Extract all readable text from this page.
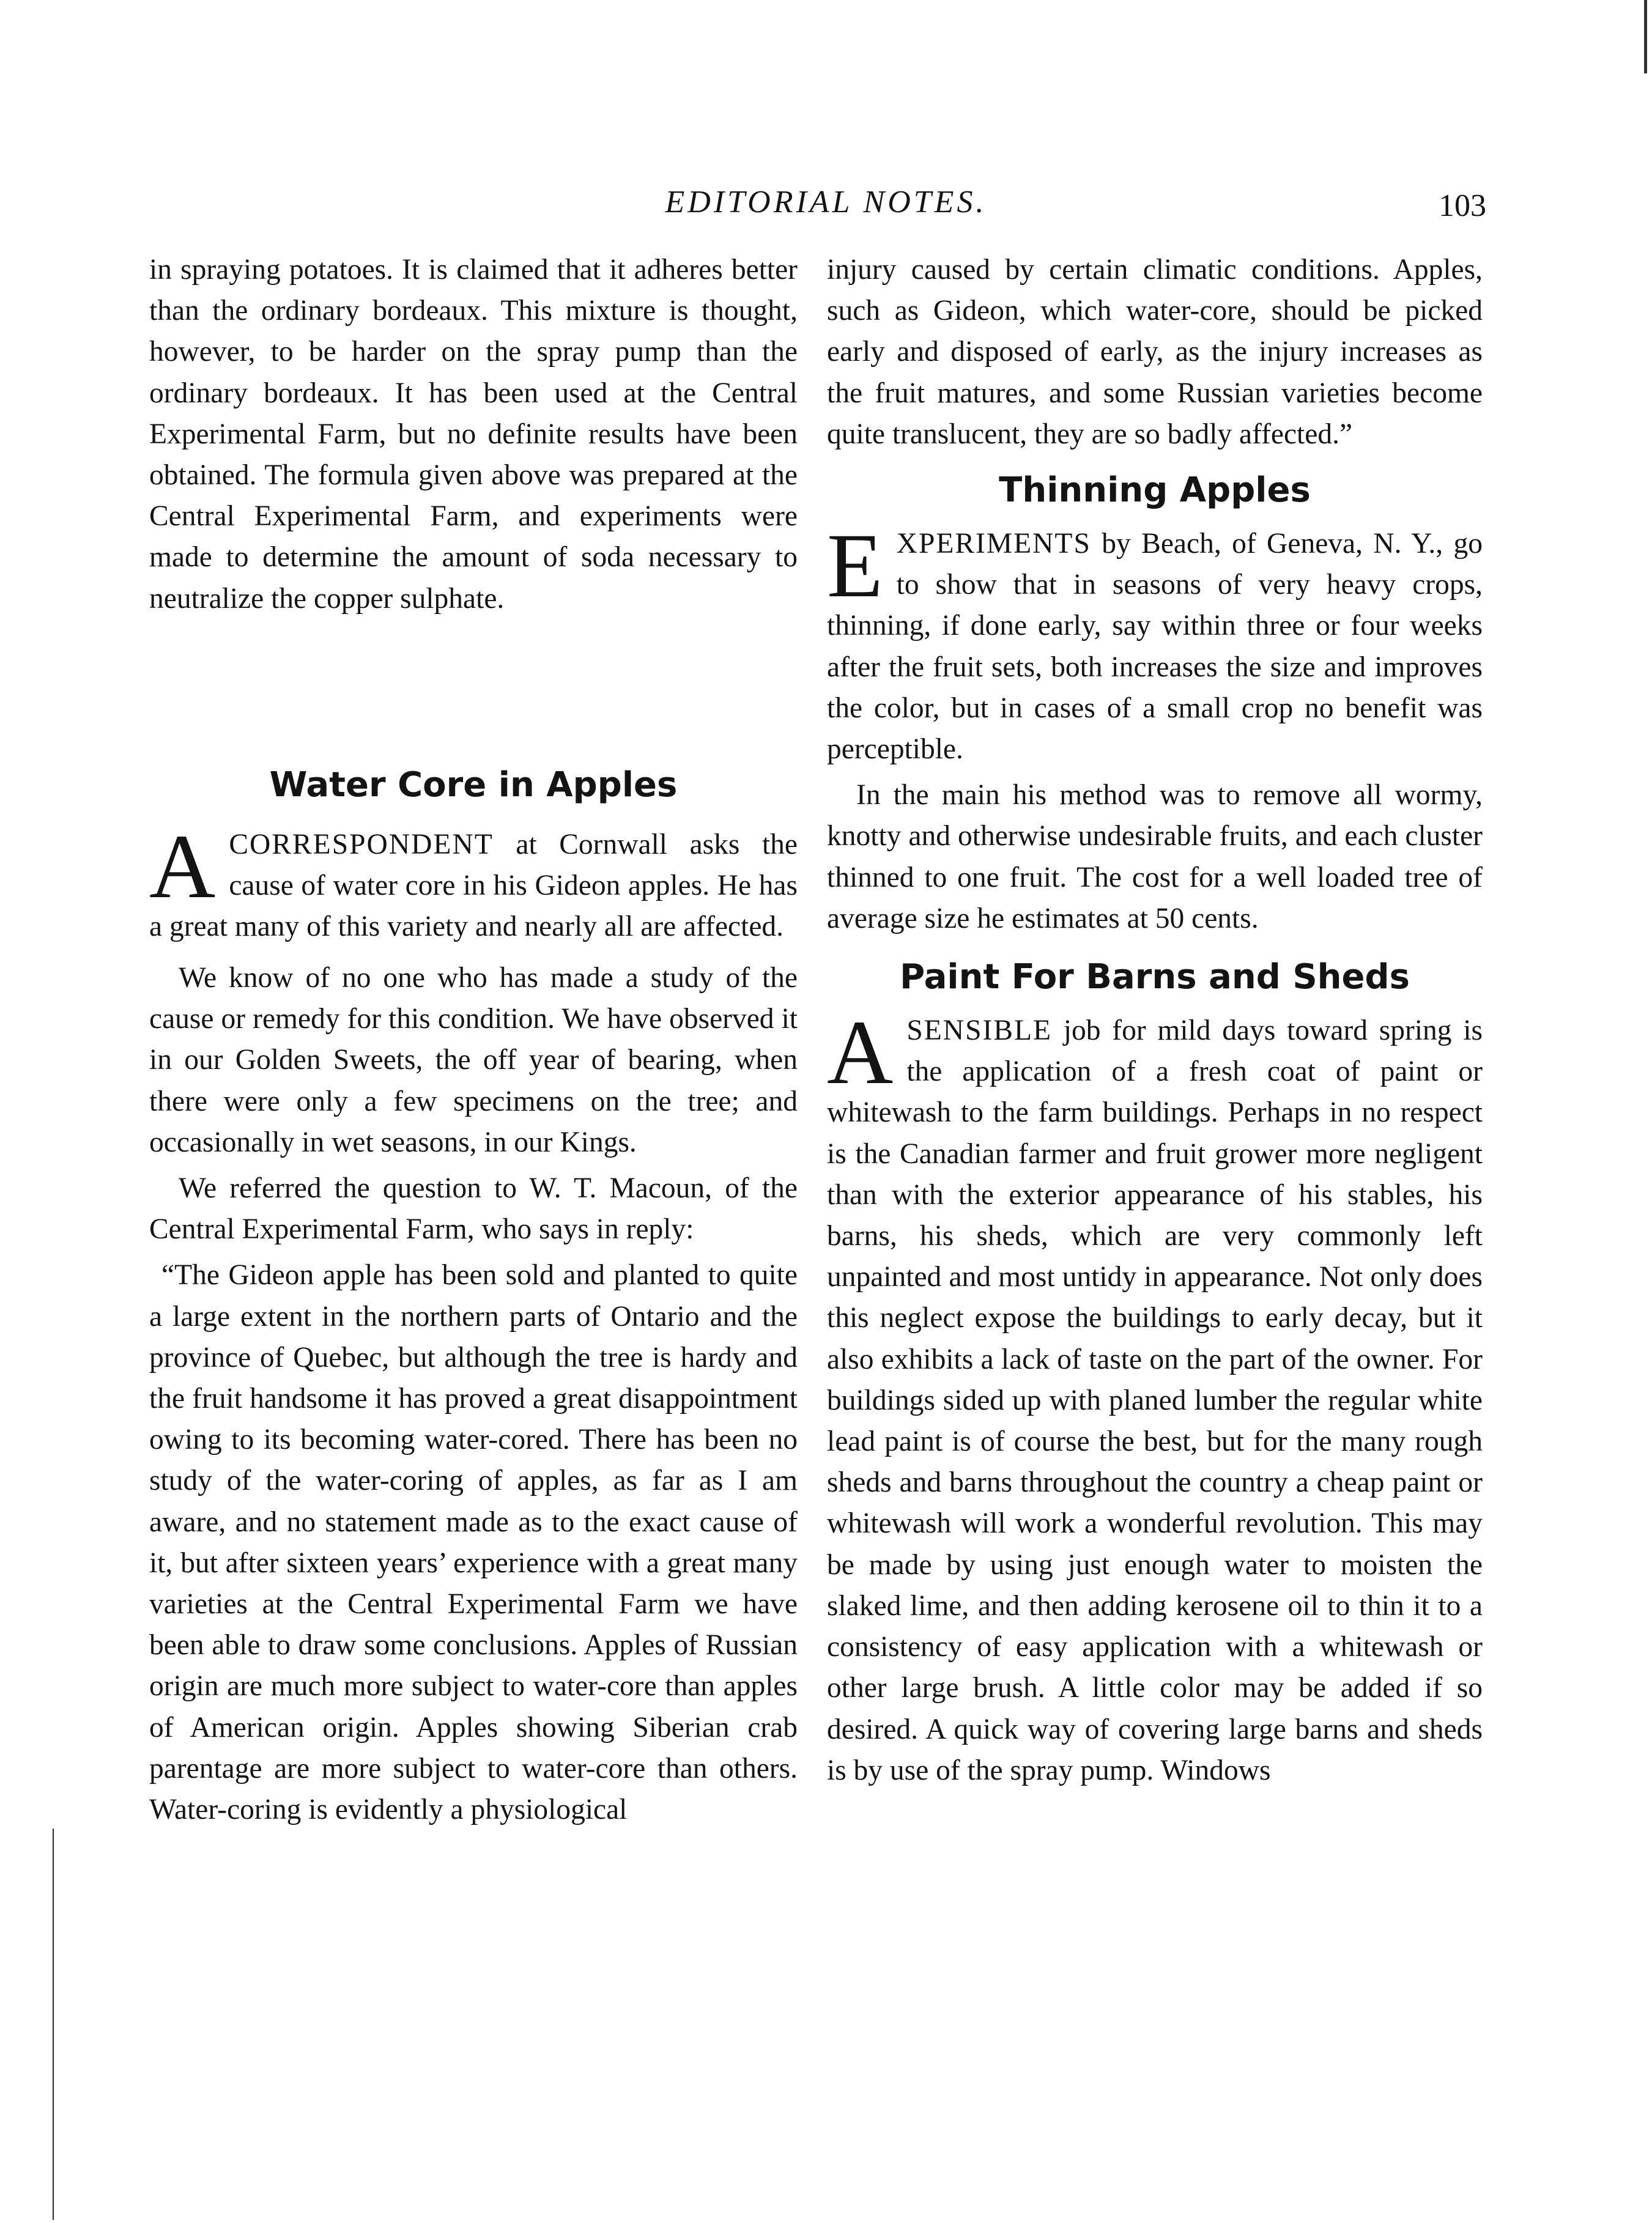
EDITORIAL NOTES.	103

in spraying potatoes. It is claimed that it adheres better than the ordinary bordeaux. This mixture is thought, however, to be harder on the spray pump than the ordinary bordeaux. It has been used at the Central Experimental Farm, but no definite results have been obtained. The formula given above was prepared at the Central Experimental Farm, and experiments were made to determine the amount of soda necessary to neutralize the copper sulphate.

Water Core in Apples

ACORRESPONDENT at Cornwall asks the cause of water core in his Gideon apples. He has a great many of this variety and nearly all are affected.

We know of no one who has made a study of the cause or remedy for this condition. We have observed it in our Golden Sweets, the off year of bearing, when there were only a few specimens on the tree; and occasionally in wet seasons, in our Kings.

We referred the question to W. T. Macoun, of the Central Experimental Farm, who says in reply:

“The Gideon apple has been sold and planted to quite a large extent in the northern parts of Ontario and the province of Quebec, but although the tree is hardy and the fruit handsome it has proved a great disappointment owing to its becoming water-cored. There has been no study of the water-coring of apples, as far as I am aware, and no statement made as to the exact cause of it, but after sixteen years’ experience with a great many varieties at the Central Experimental Farm we have been able to draw some conclusions. Apples of Russian origin are much more subject to water-core than apples of American origin. Apples showing Siberian crab parentage are more subject to water-core than others. Water-coring is evidently a physiological

injury caused by certain climatic conditions. Apples, such as Gideon, which water-core, should be picked early and disposed of early, as the injury increases as the fruit matures, and some Russian varieties become quite translucent, they are so badly affected.”

Thinning Apples

EXPERIMENTS by Beach, of Geneva, N. Y., go to show that in seasons of very heavy crops, thinning, if done early, say within three or four weeks after the fruit sets, both increases the size and improves the color, but in cases of a small crop no benefit was perceptible.

In the main his method was to remove all wormy, knotty and otherwise undesirable fruits, and each cluster thinned to one fruit. The cost for a well loaded tree of average size he estimates at 50 cents.

Paint For Barns and Sheds

ASENSIBLE job for mild days toward spring is the application of a fresh coat of paint or whitewash to the farm buildings. Perhaps in no respect is the Canadian farmer and fruit grower more negligent than with the exterior appearance of his stables, his barns, his sheds, which are very commonly left unpainted and most untidy in appearance. Not only does this neglect expose the buildings to early decay, but it also exhibits a lack of taste on the part of the owner. For buildings sided up with planed lumber the regular white lead paint is of course the best, but for the many rough sheds and barns throughout the country a cheap paint or whitewash will work a wonderful revolution. This may be made by using just enough water to moisten the slaked lime, and then adding kerosene oil to thin it to a consistency of easy application with a whitewash or other large brush. A little color may be added if so desired. A quick way of covering large barns and sheds is by use of the spray pump. Windows
